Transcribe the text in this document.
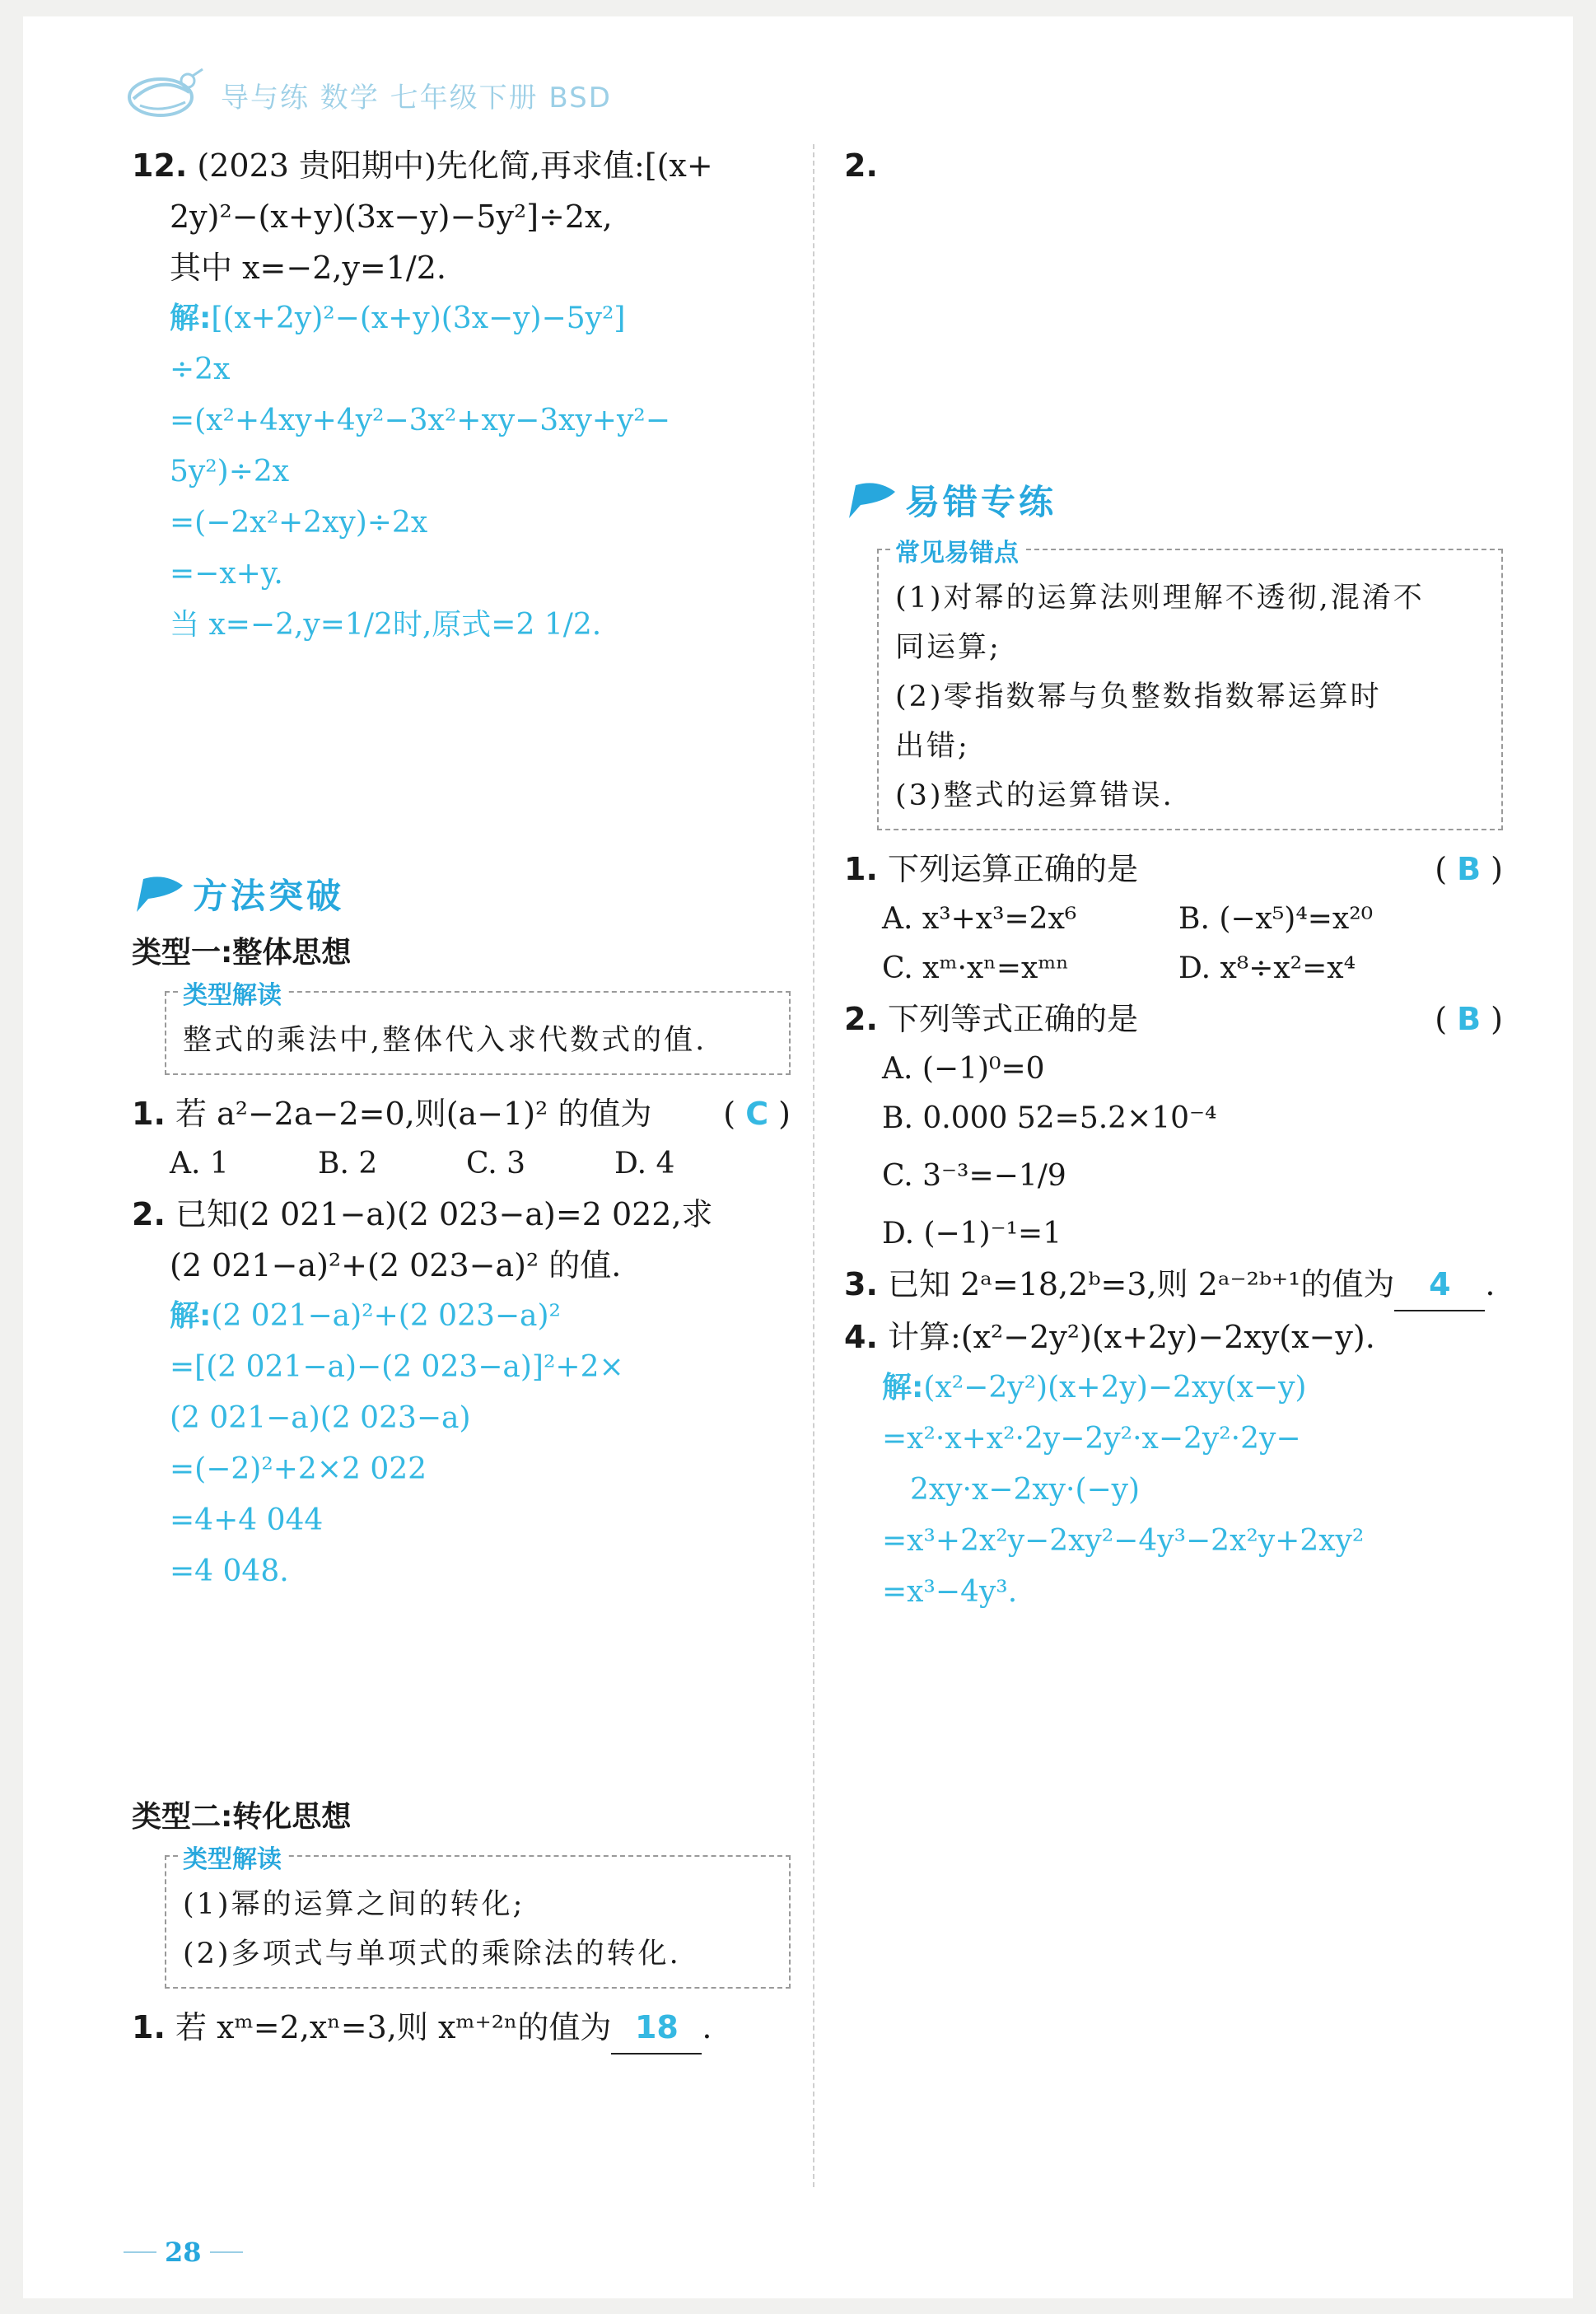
导与练 数学 七年级下册 BSD
12. (2023 贵阳期中)先化简,再求值:[(x+
2y)²−(x+y)(3x−y)−5y²]÷2x,
其中 x=−2,y=1/2.
解:[(x+2y)²−(x+y)(3x−y)−5y²]
÷2x
=(x²+4xy+4y²−3x²+xy−3xy+y²−
5y²)÷2x
=(−2x²+2xy)÷2x
=−x+y.
当 x=−2,y=1/2时,原式=2 1/2.
方法突破
类型一:整体思想
类型解读
整式的乘法中,整体代入求代数式的值.
1. 若 a²−2a−2=0,则(a−1)² 的值为 ( C )
A. 1	B. 2	C. 3	D. 4
2. 已知(2 021−a)(2 023−a)=2 022,求
(2 021−a)²+(2 023−a)² 的值.
解:(2 021−a)²+(2 023−a)²
=[(2 021−a)−(2 023−a)]²+2×
(2 021−a)(2 023−a)
=(−2)²+2×2 022
=4+4 044
=4 048.
类型二:转化思想
类型解读
(1)幂的运算之间的转化;
(2)多项式与单项式的乘除法的转化.
1. 若 xᵐ=2,xⁿ=3,则 xᵐ⁺²ⁿ的值为 18 .
2.
易错专练
常见易错点
(1)对幂的运算法则理解不透彻,混淆不
同运算;
(2)零指数幂与负整数指数幂运算时
出错;
(3)整式的运算错误.
1. 下列运算正确的是	( B )
A. x³+x³=2x⁶	B. (−x⁵)⁴=x²⁰
C. xᵐ·xⁿ=xᵐⁿ	D. x⁸÷x²=x⁴
2. 下列等式正确的是	( B )
A. (−1)⁰=0
B. 0.000 52=5.2×10⁻⁴
C. 3⁻³=−1/9
D. (−1)⁻¹=1
3. 已知 2ᵃ=18,2ᵇ=3,则 2ᵃ⁻²ᵇ⁺¹的值为 4 .
4. 计算:(x²−2y²)(x+2y)−2xy(x−y).
解:(x²−2y²)(x+2y)−2xy(x−y)
=x²·x+x²·2y−2y²·x−2y²·2y−
2xy·x−2xy·(−y)
=x³+2x²y−2xy²−4y³−2x²y+2xy²
=x³−4y³.
28
